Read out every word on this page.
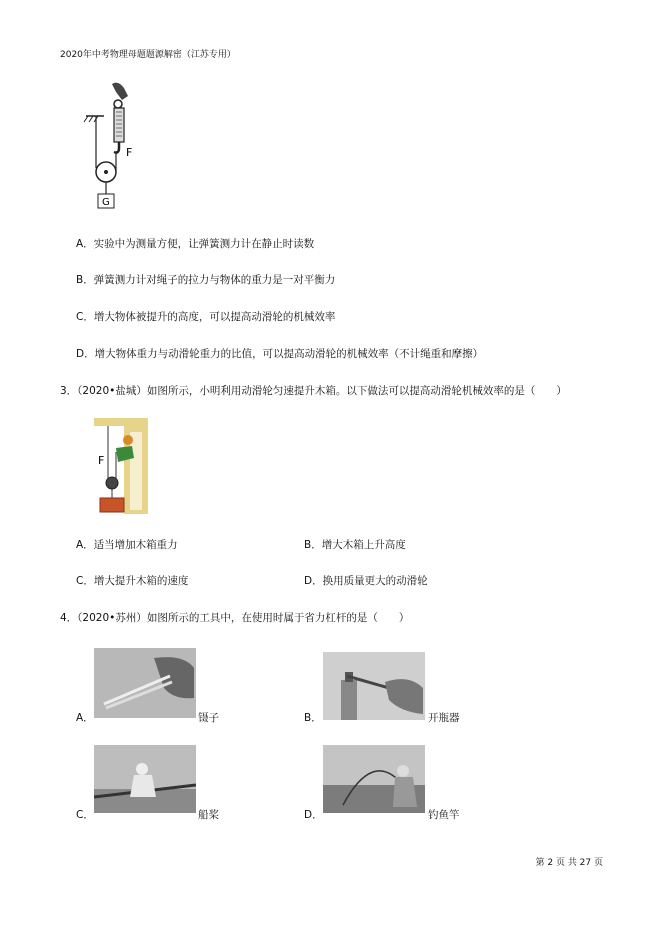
2020年中考物理母题题源解密（江苏专用）
F
G
A．实验中为测量方便，让弹簧测力计在静止时读数
B．弹簧测力计对绳子的拉力与物体的重力是一对平衡力
C．增大物体被提升的高度，可以提高动滑轮的机械效率
D．增大物体重力与动滑轮重力的比值，可以提高动滑轮的机械效率（不计绳重和摩擦）
3．（2020•盐城）如图所示，小明利用动滑轮匀速提升木箱。以下做法可以提高动滑轮机械效率的是（　　）
F
A．适当增加木箱重力	B．增大木箱上升高度
C．增大提升木箱的速度	D．换用质量更大的动滑轮
4．（2020•苏州）如图所示的工具中，在使用时属于省力杠杆的是（　　）
A．	镊子	B．	开瓶器
C．	船桨	D．	钓鱼竿
第 2 页 共 27 页
